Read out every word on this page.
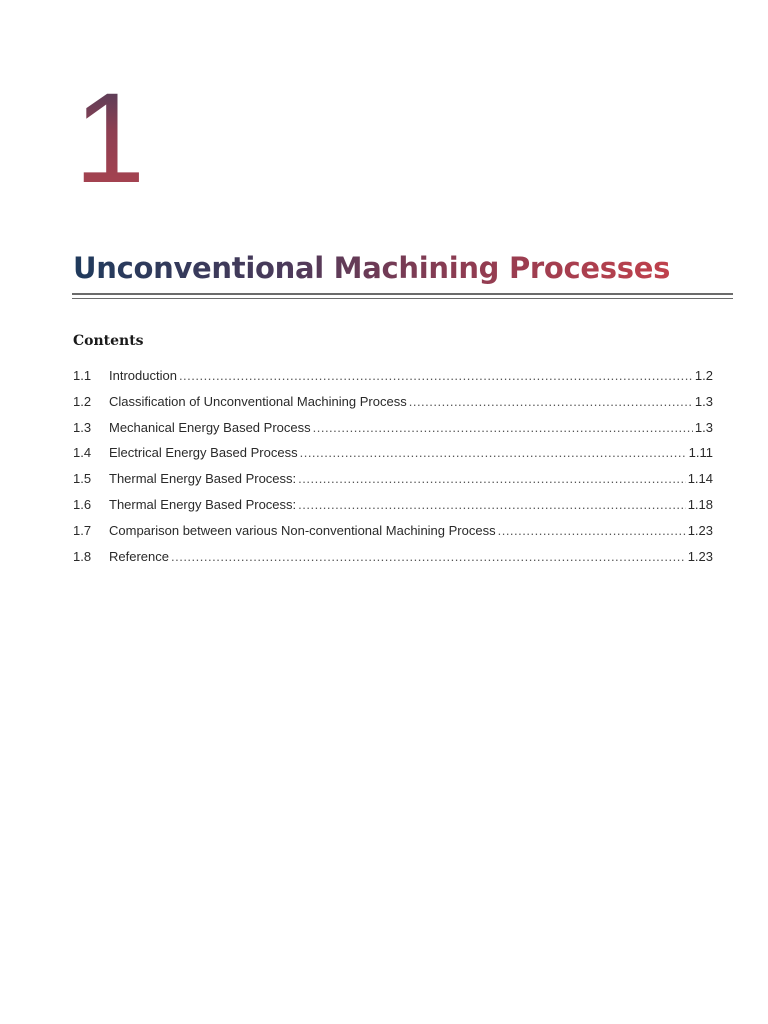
1
Unconventional Machining Processes
Contents
1.1	Introduction .....	1.2
1.2	Classification of Unconventional Machining Process .....	1.3
1.3	Mechanical Energy Based Process .....	1.3
1.4	Electrical Energy Based Process .....	1.11
1.5	Thermal Energy Based Process: .....	1.14
1.6	Thermal Energy Based Process: .....	1.18
1.7	Comparison between various Non-conventional Machining Process .....	1.23
1.8	Reference .....	1.23
